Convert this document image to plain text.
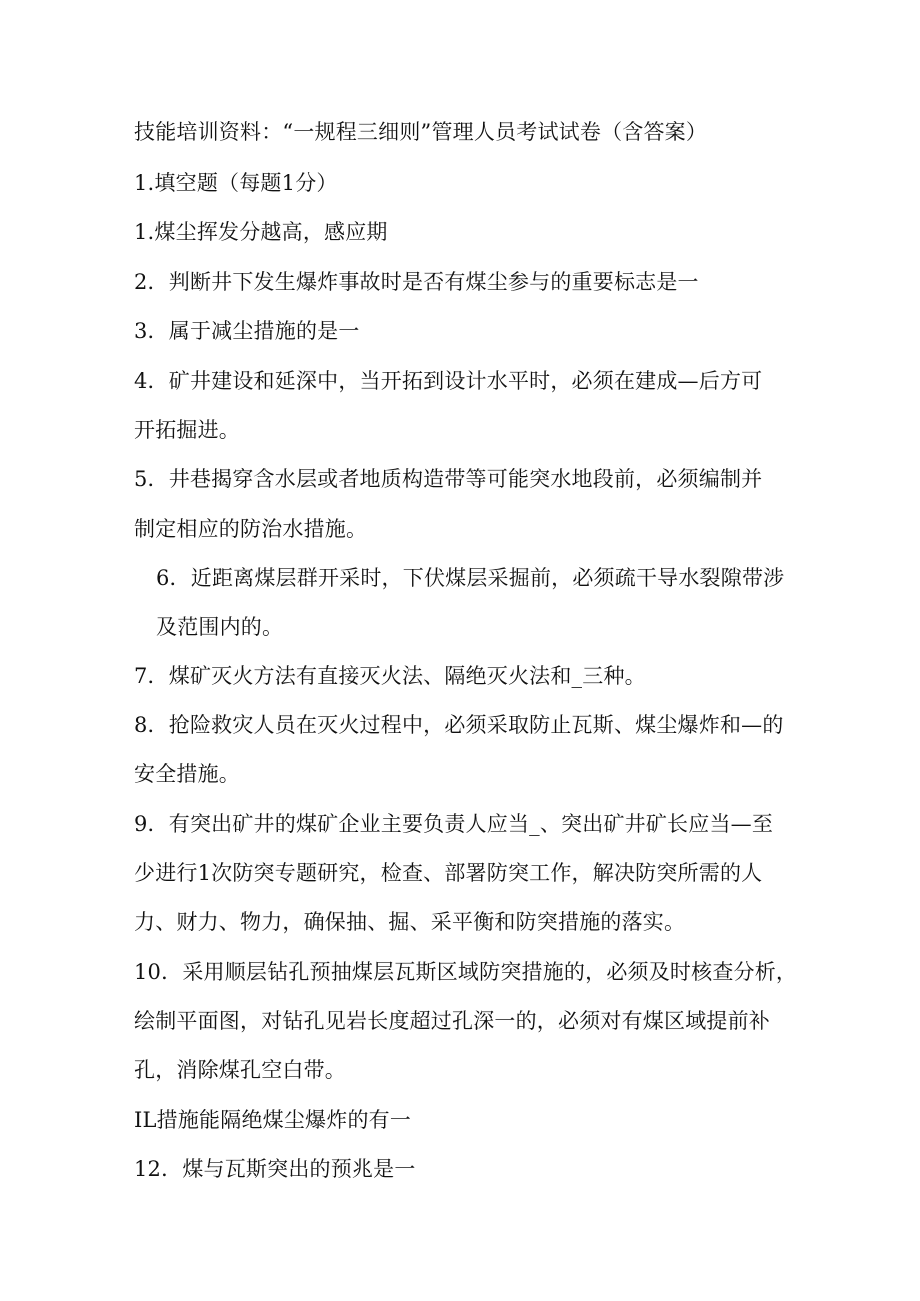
技能培训资料：“一规程三细则”管理人员考试试卷（含答案）
1.填空题（每题1分）
1.煤尘挥发分越高，感应期
2．判断井下发生爆炸事故时是否有煤尘参与的重要标志是一
3．属于减尘措施的是一
4．矿井建设和延深中，当开拓到设计水平时，必须在建成—后方可
开拓掘进。
5．井巷揭穿含水层或者地质构造带等可能突水地段前，必须编制并
制定相应的防治水措施。
6．近距离煤层群开采时，下伏煤层采掘前，必须疏干导水裂隙带涉
及范围内的。
7．煤矿灭火方法有直接灭火法、隔绝灭火法和_三种。
8．抢险救灾人员在灭火过程中，必须采取防止瓦斯、煤尘爆炸和—的
安全措施。
9．有突出矿井的煤矿企业主要负责人应当_、突出矿井矿长应当—至
少进行1次防突专题研究，检查、部署防突工作，解决防突所需的人
力、财力、物力，确保抽、掘、采平衡和防突措施的落实。
10．采用顺层钻孔预抽煤层瓦斯区域防突措施的，必须及时核查分析，
绘制平面图，对钻孔见岩长度超过孔深一的，必须对有煤区域提前补
孔，消除煤孔空白带。
IL措施能隔绝煤尘爆炸的有一
12．煤与瓦斯突出的预兆是一
